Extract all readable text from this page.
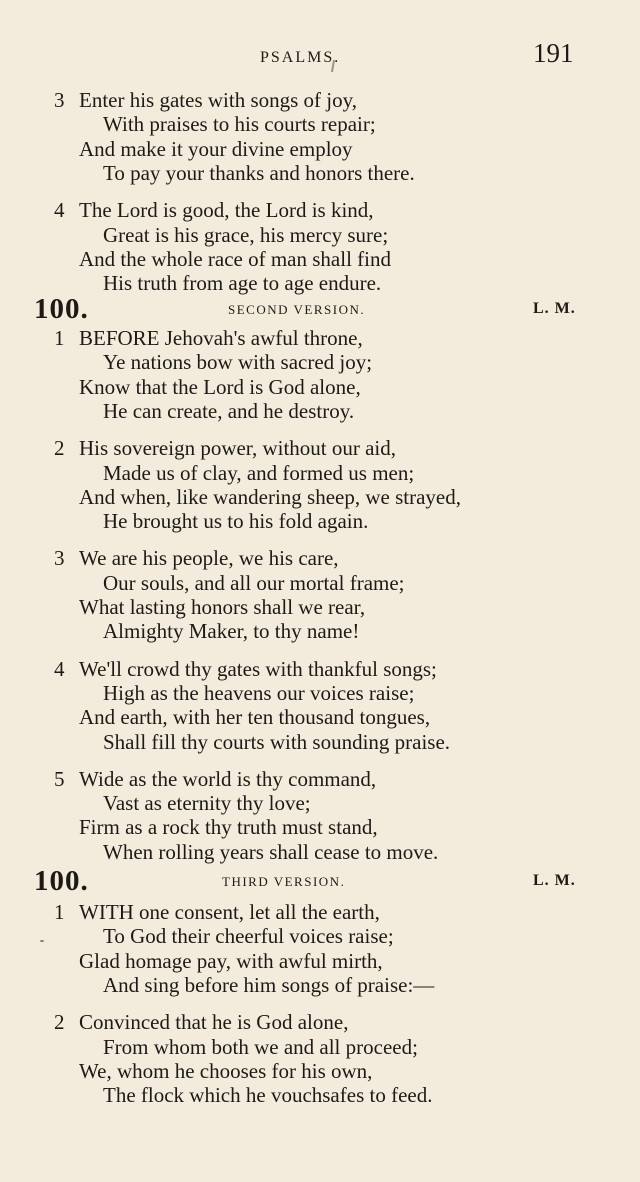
PSALMS.	191
3 Enter his gates with songs of joy,
With praises to his courts repair;
And make it your divine employ
To pay your thanks and honors there.
4 The Lord is good, the Lord is kind,
Great is his grace, his mercy sure;
And the whole race of man shall find
His truth from age to age endure.
100.	SECOND VERSION.	L. M.
1 BEFORE Jehovah's awful throne,
Ye nations bow with sacred joy;
Know that the Lord is God alone,
He can create, and he destroy.
2 His sovereign power, without our aid,
Made us of clay, and formed us men;
And when, like wandering sheep, we strayed,
He brought us to his fold again.
3 We are his people, we his care,
Our souls, and all our mortal frame;
What lasting honors shall we rear,
Almighty Maker, to thy name!
4 We'll crowd thy gates with thankful songs;
High as the heavens our voices raise;
And earth, with her ten thousand tongues,
Shall fill thy courts with sounding praise.
5 Wide as the world is thy command,
Vast as eternity thy love;
Firm as a rock thy truth must stand,
When rolling years shall cease to move.
100.	THIRD VERSION.	L. M.
1 WITH one consent, let all the earth,
To God their cheerful voices raise;
Glad homage pay, with awful mirth,
And sing before him songs of praise:—
2 Convinced that he is God alone,
From whom both we and all proceed;
We, whom he chooses for his own,
The flock which he vouchsafes to feed.
